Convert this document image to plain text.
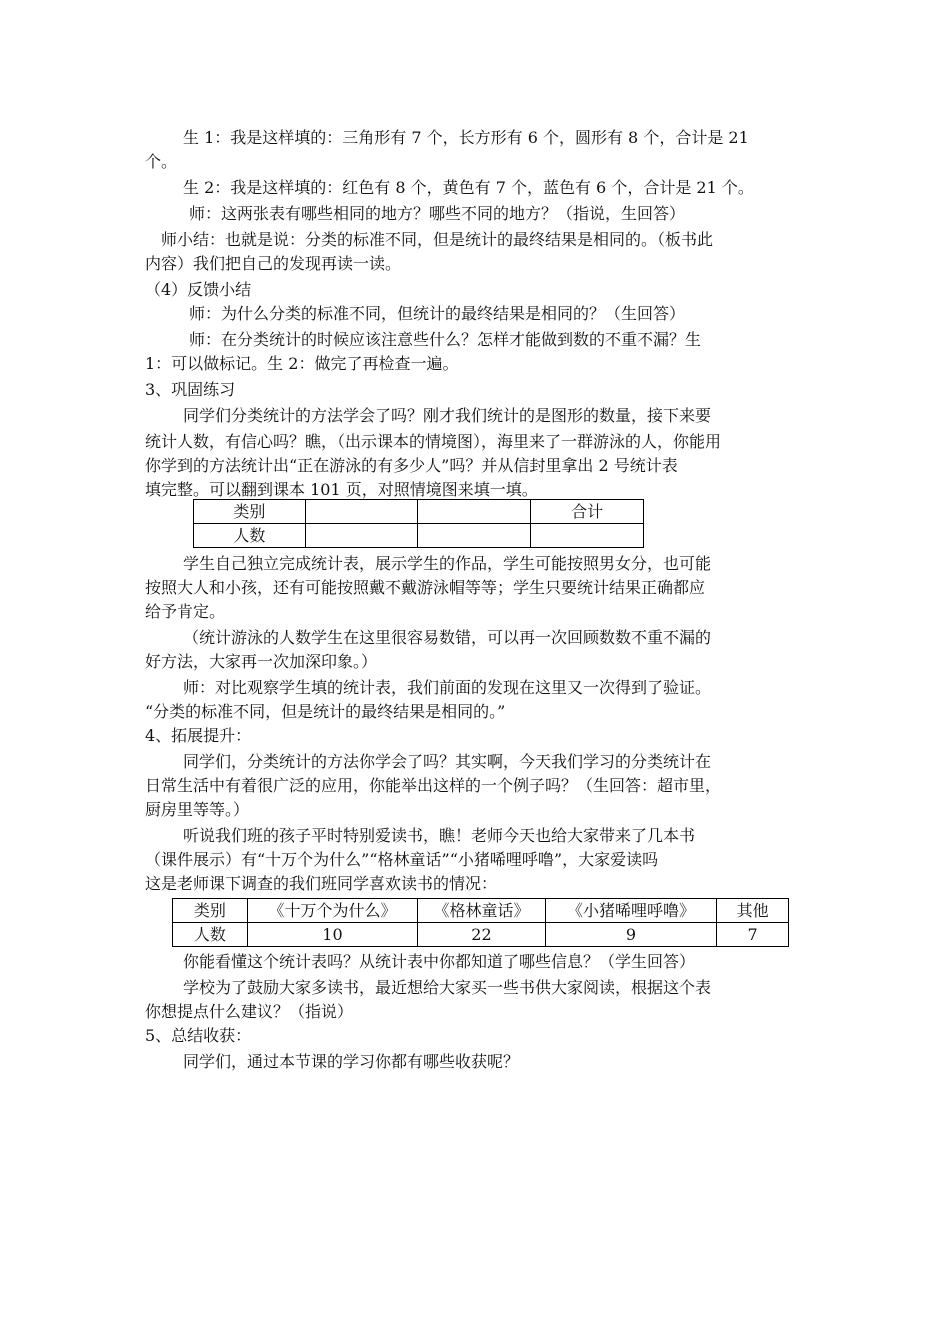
生 1：我是这样填的：三角形有 7 个，长方形有 6 个，圆形有 8 个，合计是 21
个。
生 2：我是这样填的：红色有 8 个，黄色有 7 个，蓝色有 6 个，合计是 21 个。
师：这两张表有哪些相同的地方？哪些不同的地方？（指说，生回答）
师小结：也就是说：分类的标准不同，但是统计的最终结果是相同的。（板书此
内容）我们把自己的发现再读一读。
（4）反馈小结
师：为什么分类的标准不同，但统计的最终结果是相同的？（生回答）
师：在分类统计的时候应该注意些什么？怎样才能做到数的不重不漏？生
1：可以做标记。生 2：做完了再检查一遍。
3、巩固练习
同学们分类统计的方法学会了吗？刚才我们统计的是图形的数量，接下来要
统计人数，有信心吗？瞧，（出示课本的情境图），海里来了一群游泳的人，你能用
你学到的方法统计出“正在游泳的有多少人”吗？并从信封里拿出 2 号统计表
填完整。可以翻到课本 101 页，对照情境图来填一填。
类别			合计
人数			
学生自己独立完成统计表，展示学生的作品，学生可能按照男女分，也可能
按照大人和小孩，还有可能按照戴不戴游泳帽等等；学生只要统计结果正确都应
给予肯定。
（统计游泳的人数学生在这里很容易数错，可以再一次回顾数数不重不漏的
好方法，大家再一次加深印象。）
师：对比观察学生填的统计表，我们前面的发现在这里又一次得到了验证。
“分类的标准不同，但是统计的最终结果是相同的。”
4、拓展提升：
同学们，分类统计的方法你学会了吗？其实啊，今天我们学习的分类统计在
日常生活中有着很广泛的应用，你能举出这样的一个例子吗？（生回答：超市里，
厨房里等等。）
听说我们班的孩子平时特别爱读书，瞧！老师今天也给大家带来了几本书
（课件展示）有“十万个为什么”“格林童话”“小猪唏哩呼噜”，大家爱读吗
这是老师课下调查的我们班同学喜欢读书的情况：
类别	《十万个为什么》	《格林童话》	《小猪唏哩呼噜》	其他
人数	10	22	9	7
你能看懂这个统计表吗？从统计表中你都知道了哪些信息？（学生回答）
学校为了鼓励大家多读书，最近想给大家买一些书供大家阅读，根据这个表
你想提点什么建议？（指说）
5、总结收获：
同学们，通过本节课的学习你都有哪些收获呢？
